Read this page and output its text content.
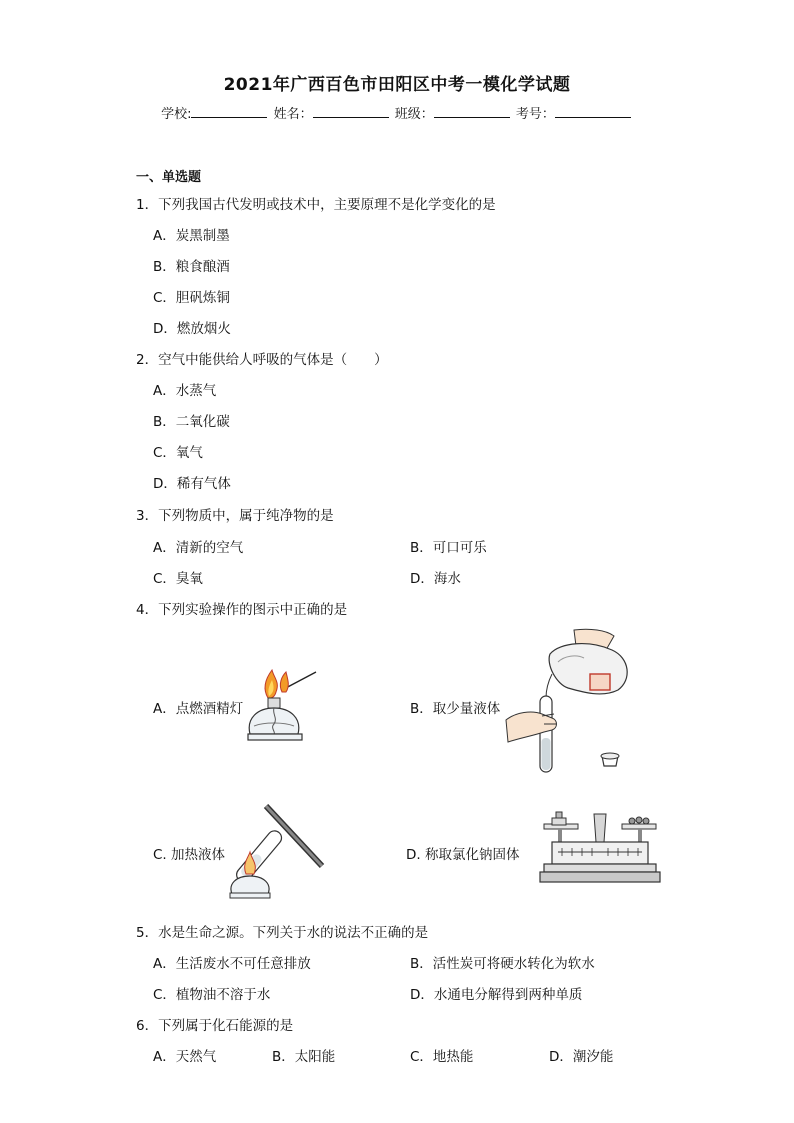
2021年广西百色市田阳区中考一模化学试题
学校:	姓名：	班级：	考号：
一、单选题
1．下列我国古代发明或技术中，主要原理不是化学变化的是
A．炭黑制墨
B．粮食酿酒
C．胆矾炼铜
D．燃放烟火
2．空气中能供给人呼吸的气体是（　　）
A．水蒸气
B．二氧化碳
C．氧气
D．稀有气体
3．下列物质中，属于纯净物的是
A．清新的空气	B．可口可乐
C．臭氧	D．海水
4．下列实验操作的图示中正确的是
A．点燃酒精灯	B．取少量液体
C. 加热液体	D. 称取氯化钠固体
5．水是生命之源。下列关于水的说法不正确的是
A．生活废水不可任意排放	B．活性炭可将硬水转化为软水
C．植物油不溶于水	D．水通电分解得到两种单质
6．下列属于化石能源的是
A．天然气	B．太阳能	C．地热能	D．潮汐能
